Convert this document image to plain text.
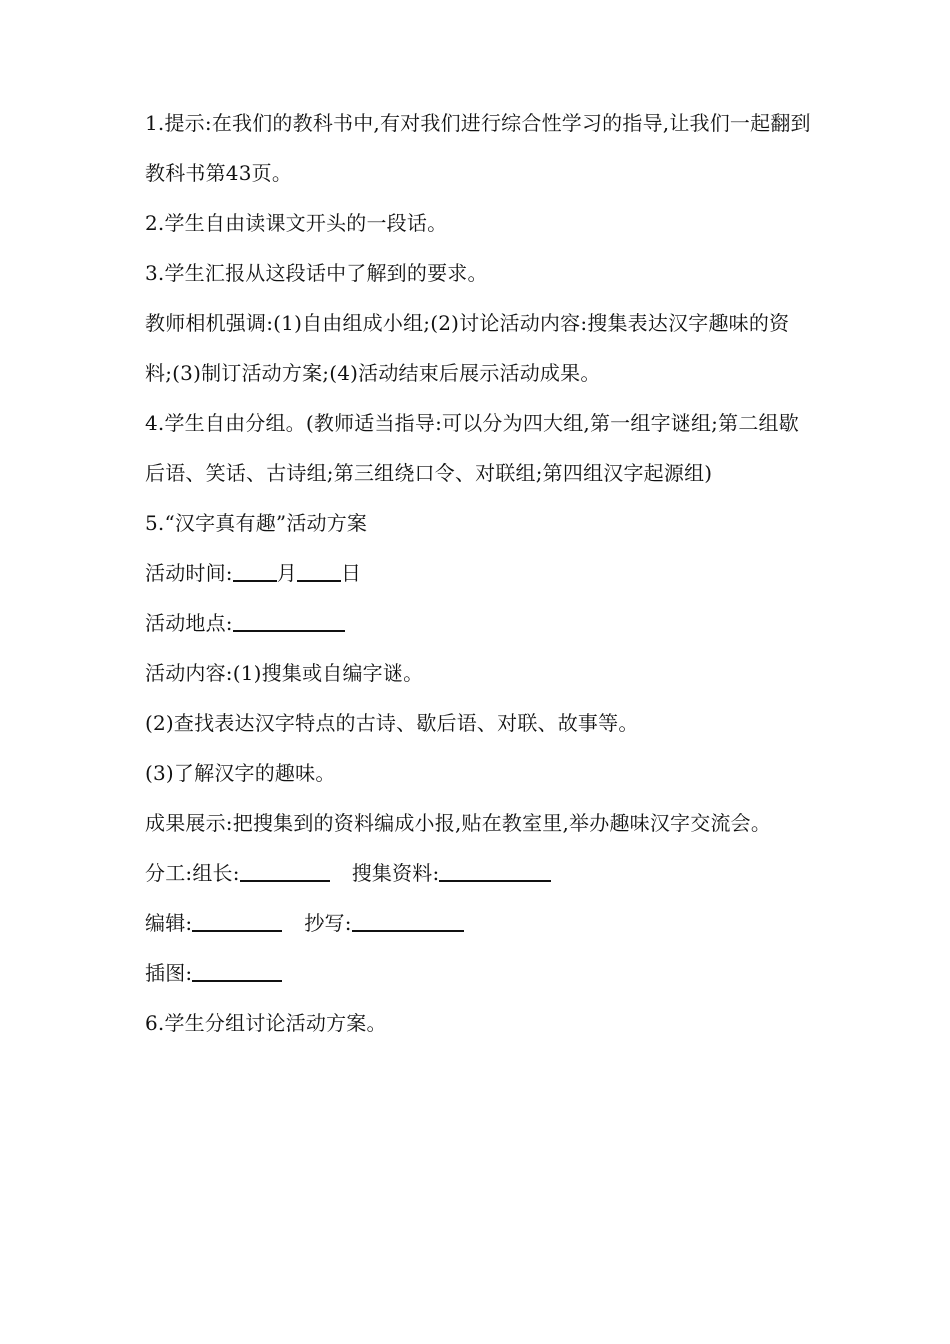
1.提示:在我们的教科书中,有对我们进行综合性学习的指导,让我们一起翻到教科书第43页。

2.学生自由读课文开头的一段话。

3.学生汇报从这段话中了解到的要求。

教师相机强调:(1)自由组成小组;(2)讨论活动内容:搜集表达汉字趣味的资料;(3)制订活动方案;(4)活动结束后展示活动成果。

4.学生自由分组。(教师适当指导:可以分为四大组,第一组字谜组;第二组歇后语、笑话、古诗组;第三组绕口令、对联组;第四组汉字起源组)

5.“汉字真有趣”活动方案

活动时间: 月 日

活动地点:

活动内容:(1)搜集或自编字谜。

(2)查找表达汉字特点的古诗、歇后语、对联、故事等。

(3)了解汉字的趣味。

成果展示:把搜集到的资料编成小报,贴在教室里,举办趣味汉字交流会。

分工:组长:	搜集资料:

编辑:	抄写:

插图:

6.学生分组讨论活动方案。
